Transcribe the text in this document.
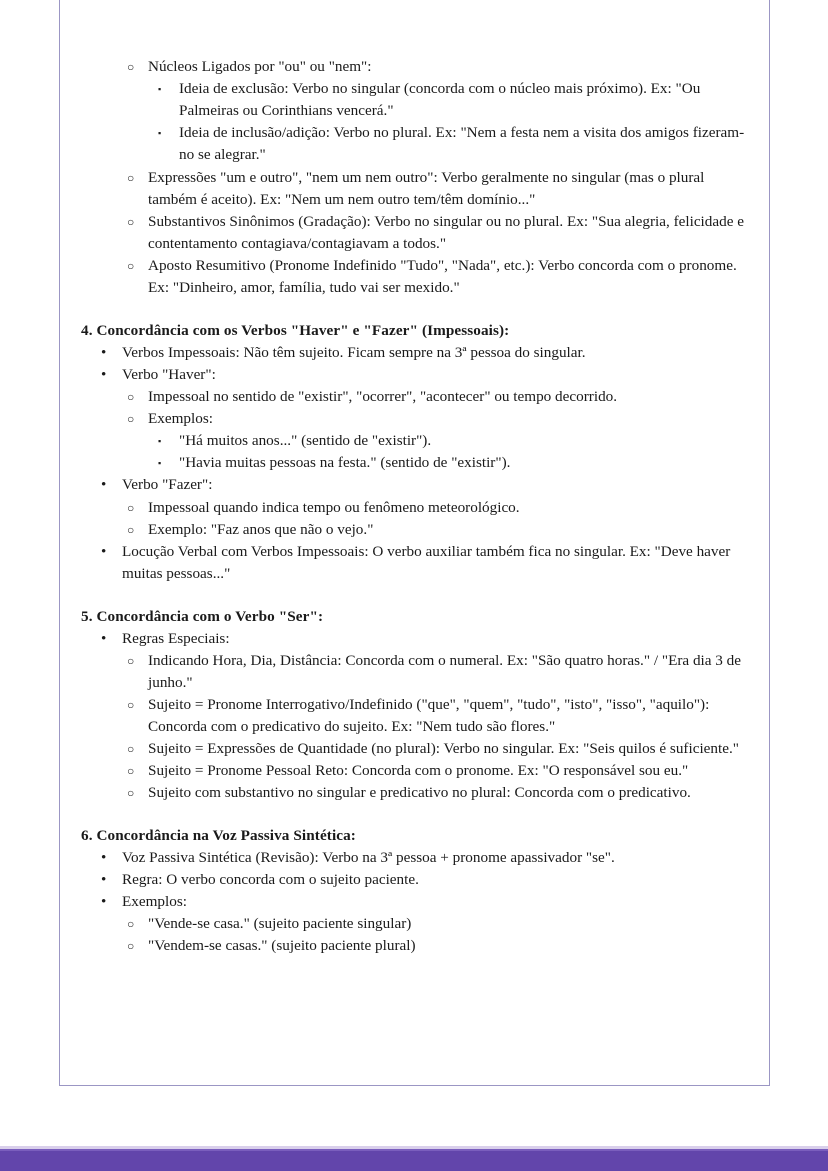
○ Núcleos Ligados por "ou" ou "nem":
▪ Ideia de exclusão: Verbo no singular (concorda com o núcleo mais próximo). Ex: "Ou Palmeiras ou Corinthians vencerá."
▪ Ideia de inclusão/adição: Verbo no plural. Ex: "Nem a festa nem a visita dos amigos fizeram-no se alegrar."
○ Expressões "um e outro", "nem um nem outro": Verbo geralmente no singular (mas o plural também é aceito). Ex: "Nem um nem outro tem/têm domínio..."
○ Substantivos Sinônimos (Gradação): Verbo no singular ou no plural. Ex: "Sua alegria, felicidade e contentamento contagiava/contagiavam a todos."
○ Aposto Resumitivo (Pronome Indefinido "Tudo", "Nada", etc.): Verbo concorda com o pronome. Ex: "Dinheiro, amor, família, tudo vai ser mexido."

4. Concordância com os Verbos "Haver" e "Fazer" (Impessoais):

• Verbos Impessoais: Não têm sujeito. Ficam sempre na 3ª pessoa do singular.
• Verbo "Haver":
○ Impessoal no sentido de "existir", "ocorrer", "acontecer" ou tempo decorrido.
○ Exemplos:
▪ "Há muitos anos..." (sentido de "existir").
▪ "Havia muitas pessoas na festa." (sentido de "existir").
• Verbo "Fazer":
○ Impessoal quando indica tempo ou fenômeno meteorológico.
○ Exemplo: "Faz anos que não o vejo."
• Locução Verbal com Verbos Impessoais: O verbo auxiliar também fica no singular. Ex: "Deve haver muitas pessoas..."

5. Concordância com o Verbo "Ser":

• Regras Especiais:
○ Indicando Hora, Dia, Distância: Concorda com o numeral. Ex: "São quatro horas." / "Era dia 3 de junho."
○ Sujeito = Pronome Interrogativo/Indefinido ("que", "quem", "tudo", "isto", "isso", "aquilo"): Concorda com o predicativo do sujeito. Ex: "Nem tudo são flores."
○ Sujeito = Expressões de Quantidade (no plural): Verbo no singular. Ex: "Seis quilos é suficiente."
○ Sujeito = Pronome Pessoal Reto: Concorda com o pronome. Ex: "O responsável sou eu."
○ Sujeito com substantivo no singular e predicativo no plural: Concorda com o predicativo.

6. Concordância na Voz Passiva Sintética:

• Voz Passiva Sintética (Revisão): Verbo na 3ª pessoa + pronome apassivador "se".
• Regra: O verbo concorda com o sujeito paciente.
• Exemplos:
○ "Vende-se casa." (sujeito paciente singular)
○ "Vendem-se casas." (sujeito paciente plural)
